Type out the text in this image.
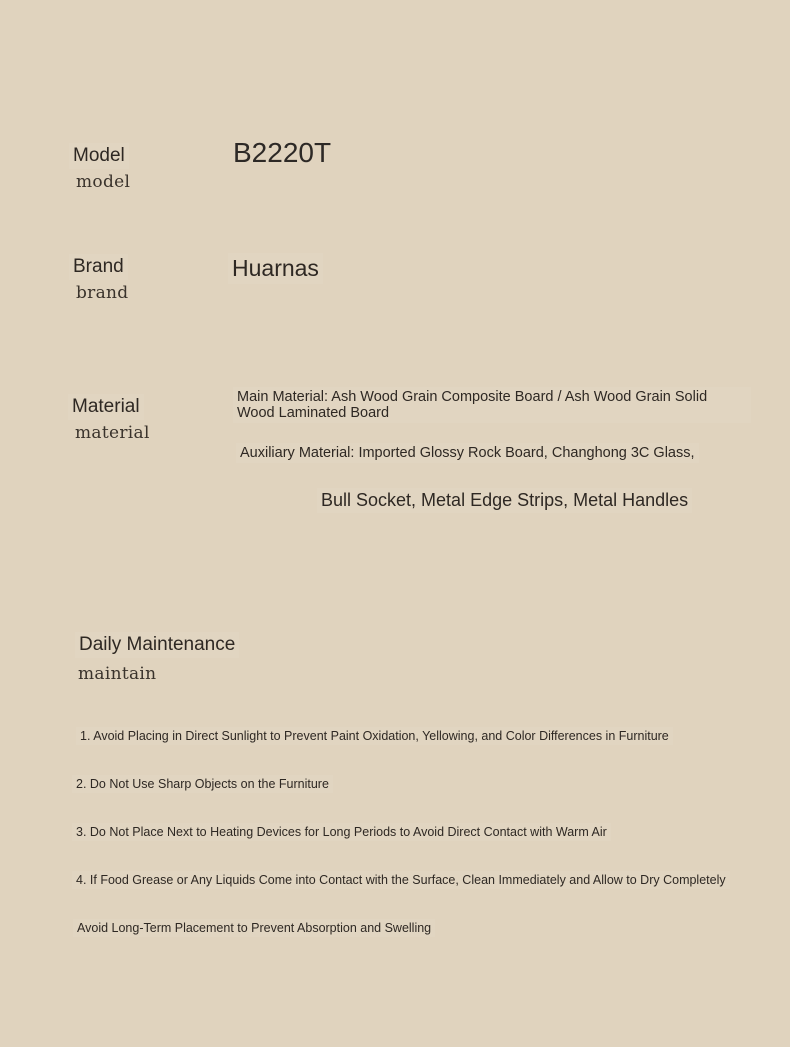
Model
model
B2220T
Brand
brand
Huarnas
Material
material
Main Material: Ash Wood Grain Composite Board / Ash Wood Grain Solid Wood Laminated Board
Auxiliary Material: Imported Glossy Rock Board, Changhong 3C Glass,
Bull Socket, Metal Edge Strips, Metal Handles
Daily Maintenance
maintain
1. Avoid Placing in Direct Sunlight to Prevent Paint Oxidation, Yellowing, and Color Differences in Furniture
2. Do Not Use Sharp Objects on the Furniture
3. Do Not Place Next to Heating Devices for Long Periods to Avoid Direct Contact with Warm Air
4. If Food Grease or Any Liquids Come into Contact with the Surface, Clean Immediately and Allow to Dry Completely
Avoid Long-Term Placement to Prevent Absorption and Swelling
